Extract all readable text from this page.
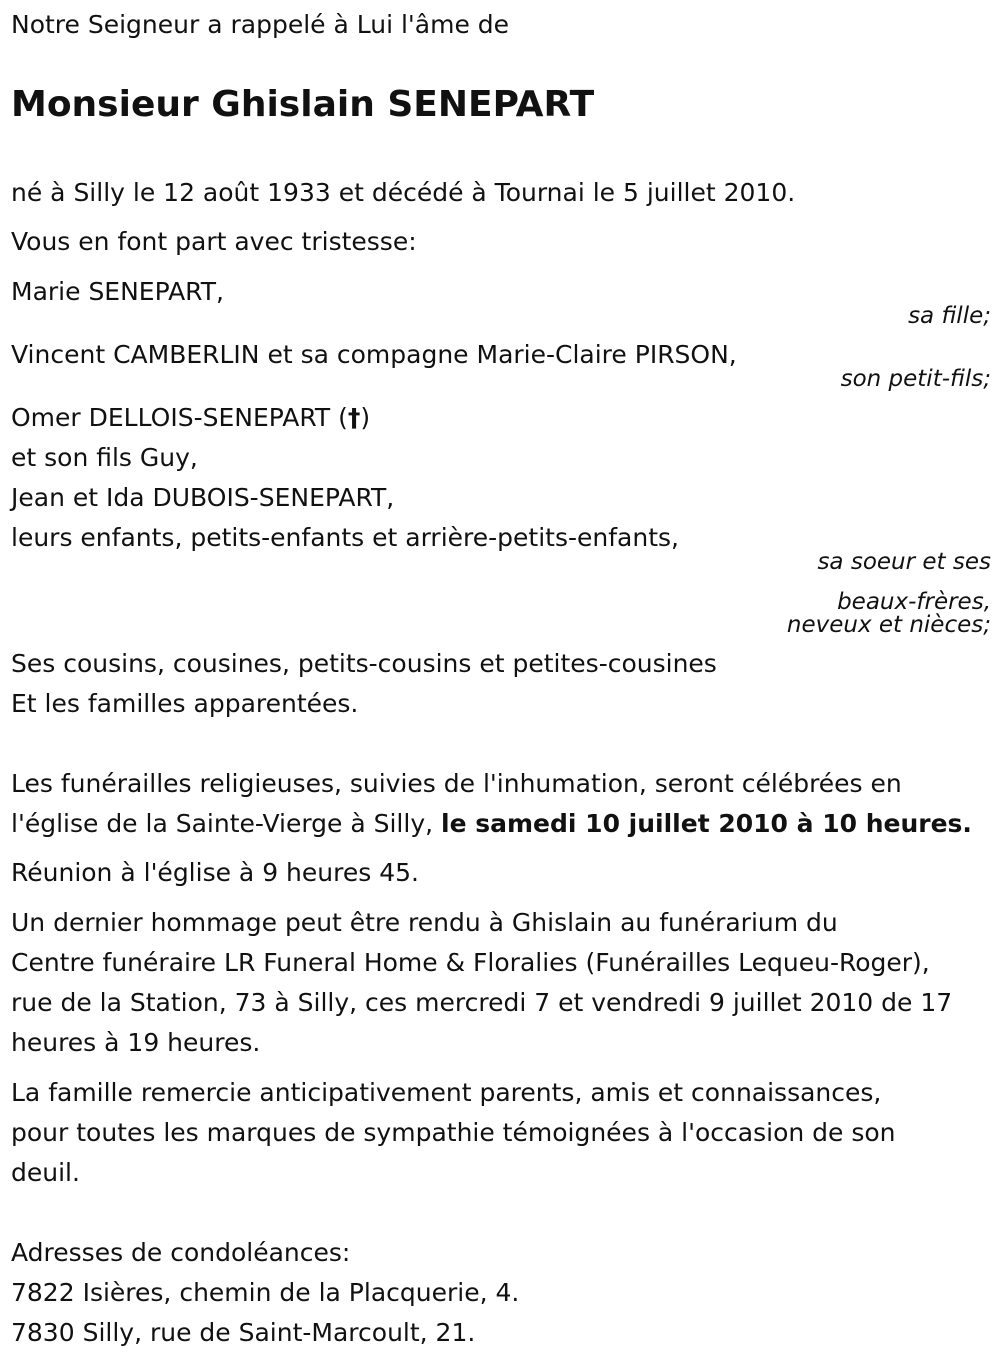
Notre Seigneur a rappelé à Lui l'âme de

Monsieur Ghislain SENEPART

né à Silly le 12 août 1933 et décédé à Tournai le 5 juillet 2010.

Vous en font part avec tristesse:

Marie SENEPART,

sa fille;

Vincent CAMBERLIN et sa compagne Marie-Claire PIRSON,

son petit-fils;

Omer DELLOIS-SENEPART (†)

et son fils Guy,

Jean et Ida DUBOIS-SENEPART,

leurs enfants, petits-enfants et arrière-petits-enfants,

sa soeur et ses
beaux-frères,
neveux et nièces;

Ses cousins, cousines, petits-cousins et petites-cousines

Et les familles apparentées.

Les funérailles religieuses, suivies de l'inhumation, seront célébrées en

l'église de la Sainte-Vierge à Silly, le samedi 10 juillet 2010 à 10 heures.

Réunion à l'église à 9 heures 45.

Un dernier hommage peut être rendu à Ghislain au funérarium du

Centre funéraire LR Funeral Home & Floralies (Funérailles Lequeu-Roger),

rue de la Station, 73 à Silly, ces mercredi 7 et vendredi 9 juillet 2010 de 17

heures à 19 heures.

La famille remercie anticipativement parents, amis et connaissances,

pour toutes les marques de sympathie témoignées à l'occasion de son

deuil.

Adresses de condoléances:

7822 Isières, chemin de la Placquerie, 4.

7830 Silly, rue de Saint-Marcoult, 21.
